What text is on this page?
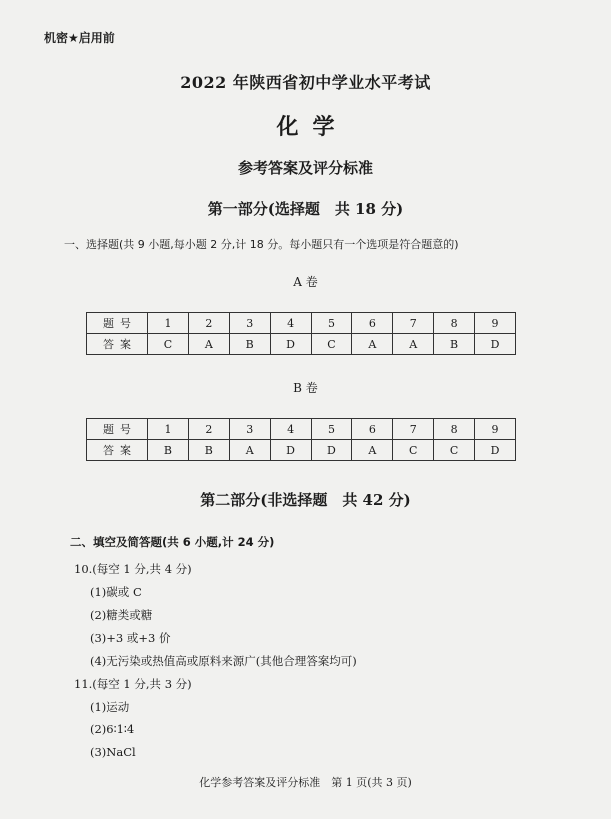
机密★启用前
2022 年陕西省初中学业水平考试
化学
参考答案及评分标准
第一部分(选择题　共 18 分)
一、选择题(共 9 小题,每小题 2 分,计 18 分。每小题只有一个选项是符合题意的)
A 卷
题号	1	2	3	4	5	6	7	8	9
答案	C	A	B	D	C	A	A	B	D
B 卷
题号	1	2	3	4	5	6	7	8	9
答案	B	B	A	D	D	A	C	C	D
第二部分(非选择题　共 42 分)
二、填空及简答题(共 6 小题,计 24 分)
10.(每空 1 分,共 4 分)
(1)碳或 C
(2)糖类或糖
(3)+3 或+3 价
(4)无污染或热值高或原料来源广(其他合理答案均可)
11.(每空 1 分,共 3 分)
(1)运动
(2)6∶1∶4
(3)NaCl
化学参考答案及评分标准　第 1 页(共 3 页)
